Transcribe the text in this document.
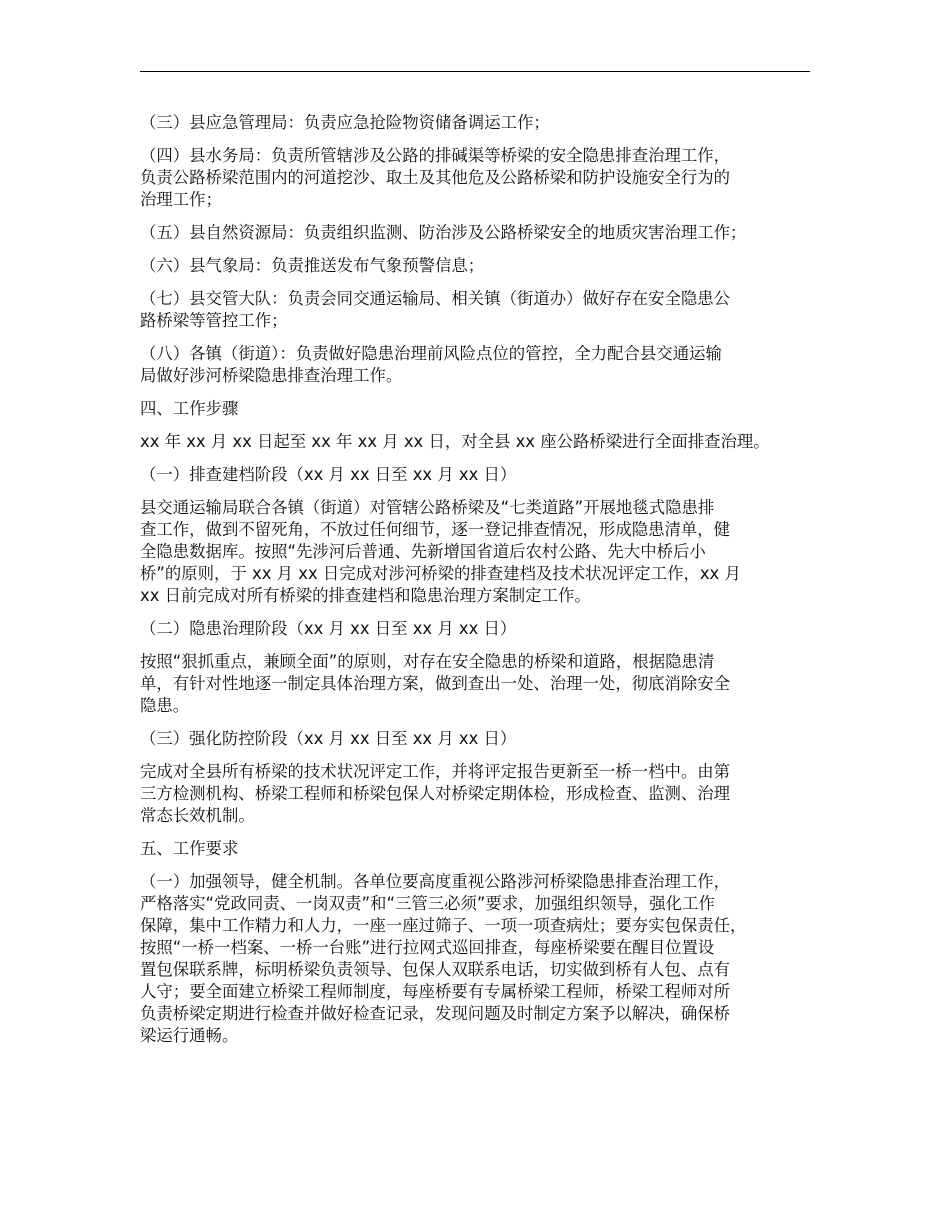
（三）县应急管理局：负责应急抢险物资储备调运工作；

（四）县水务局：负责所管辖涉及公路的排碱渠等桥梁的安全隐患排查治理工作，
负责公路桥梁范围内的河道挖沙、取土及其他危及公路桥梁和防护设施安全行为的
治理工作；

（五）县自然资源局：负责组织监测、防治涉及公路桥梁安全的地质灾害治理工作；

（六）县气象局：负责推送发布气象预警信息；

（七）县交管大队：负责会同交通运输局、相关镇（街道办）做好存在安全隐患公
路桥梁等管控工作；

（八）各镇（街道）：负责做好隐患治理前风险点位的管控，全力配合县交通运输
局做好涉河桥梁隐患排查治理工作。

四、工作步骤

xx 年 xx 月 xx 日起至 xx 年 xx 月 xx 日，对全县 xx 座公路桥梁进行全面排查治理。

（一）排查建档阶段（xx 月 xx 日至 xx 月 xx 日）

县交通运输局联合各镇（街道）对管辖公路桥梁及“七类道路”开展地毯式隐患排
查工作，做到不留死角，不放过任何细节，逐一登记排查情况，形成隐患清单，健
全隐患数据库。按照“先涉河后普通、先新增国省道后农村公路、先大中桥后小
桥”的原则，于 xx 月 xx 日完成对涉河桥梁的排查建档及技术状况评定工作，xx 月
xx 日前完成对所有桥梁的排查建档和隐患治理方案制定工作。

（二）隐患治理阶段（xx 月 xx 日至 xx 月 xx 日）

按照“狠抓重点，兼顾全面”的原则，对存在安全隐患的桥梁和道路，根据隐患清
单，有针对性地逐一制定具体治理方案，做到查出一处、治理一处，彻底消除安全
隐患。

（三）强化防控阶段（xx 月 xx 日至 xx 月 xx 日）

完成对全县所有桥梁的技术状况评定工作，并将评定报告更新至一桥一档中。由第
三方检测机构、桥梁工程师和桥梁包保人对桥梁定期体检，形成检查、监测、治理
常态长效机制。

五、工作要求

（一）加强领导，健全机制。各单位要高度重视公路涉河桥梁隐患排查治理工作，
严格落实“党政同责、一岗双责”和“三管三必须”要求，加强组织领导，强化工作
保障，集中工作精力和人力，一座一座过筛子、一项一项查病灶；要夯实包保责任，
按照“一桥一档案、一桥一台账”进行拉网式巡回排查，每座桥梁要在醒目位置设
置包保联系牌，标明桥梁负责领导、包保人双联系电话，切实做到桥有人包、点有
人守；要全面建立桥梁工程师制度，每座桥要有专属桥梁工程师，桥梁工程师对所
负责桥梁定期进行检查并做好检查记录，发现问题及时制定方案予以解决，确保桥
梁运行通畅。
